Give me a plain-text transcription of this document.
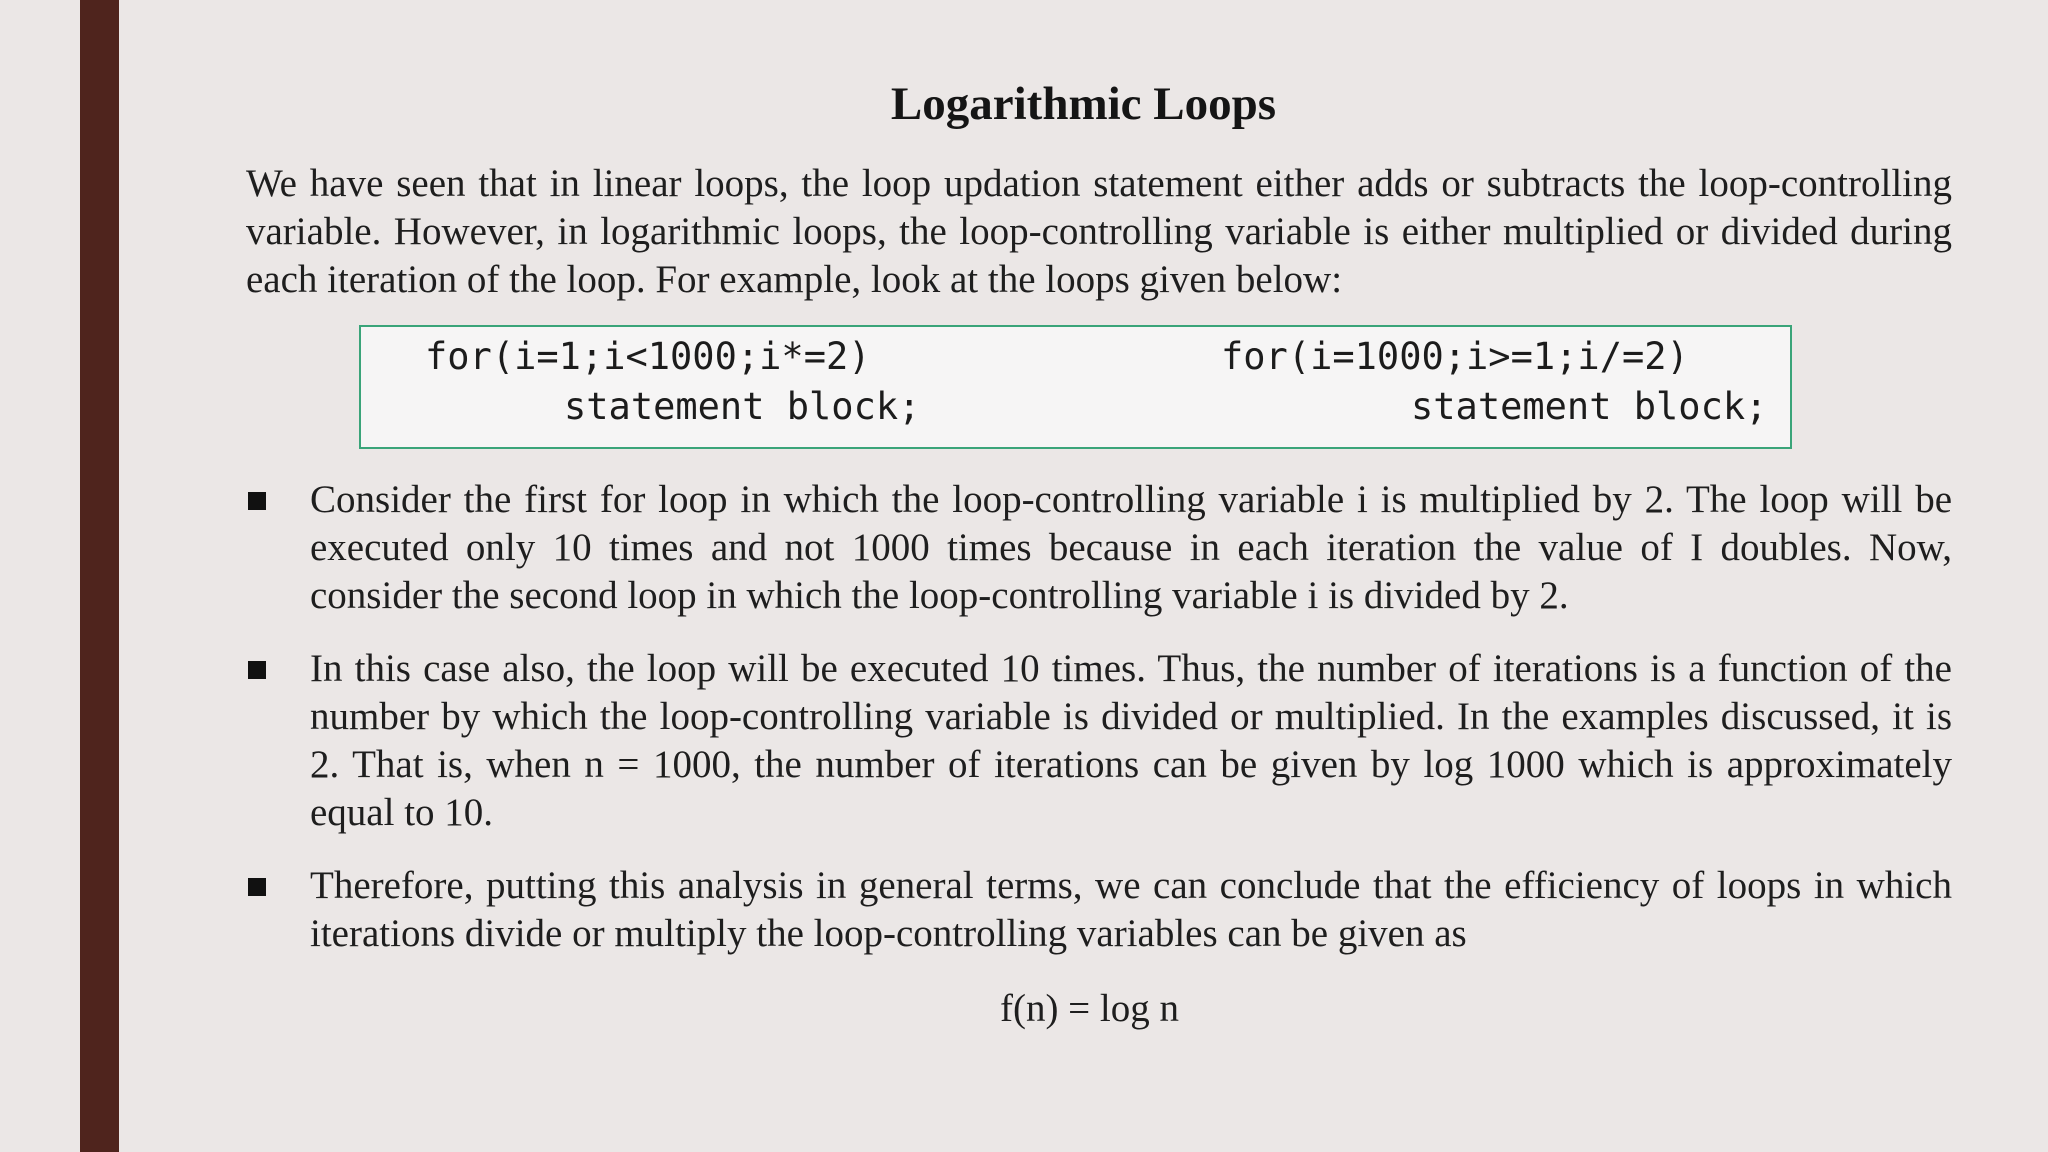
Logarithmic Loops

We have seen that in linear loops, the loop updation statement either adds or subtracts the loop-controlling variable. However, in logarithmic loops, the loop-controlling variable is either multiplied or divided during each iteration of the loop. For example, look at the loops given below:

for(i=1;i<1000;i*=2)
statement block;
for(i=1000;i>=1;i/=2)
statement block;
Consider the first for loop in which the loop-controlling variable i is multiplied by 2. The loop will be executed only 10 times and not 1000 times because in each iteration the value of I doubles. Now, consider the second loop in which the loop-controlling variable i is divided by 2.
In this case also, the loop will be executed 10 times. Thus, the number of iterations is a function of the number by which the loop-controlling variable is divided or multiplied. In the examples discussed, it is 2. That is, when n = 1000, the number of iterations can be given by log 1000 which is approximately equal to 10.
Therefore, putting this analysis in general terms, we can conclude that the efficiency of loops in which iterations divide or multiply the loop-controlling variables can be given as

f(n) = log n
